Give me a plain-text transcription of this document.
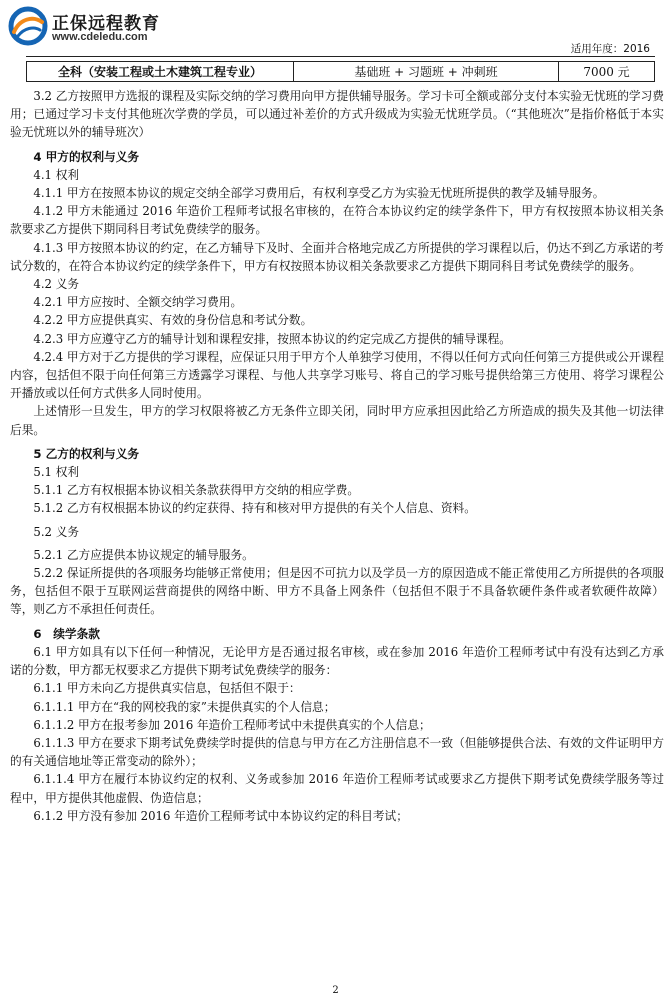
正保远程教育
www.cdeledu.com
适用年度：2016
全科（安装工程或土木建筑工程专业）	基础班 + 习题班 + 冲刺班	7000 元

3.2 乙方按照甲方选报的课程及实际交纳的学习费用向甲方提供辅导服务。学习卡可全额或部分支付本实验无忧班的学习费用；已通过学习卡支付其他班次学费的学员，可以通过补差价的方式升级成为实验无忧班学员。（“其他班次”是指价格低于本实验无忧班以外的辅导班次）

4 甲方的权利与义务

4.1 权利

4.1.1 甲方在按照本协议的规定交纳全部学习费用后，有权利享受乙方为实验无忧班所提供的教学及辅导服务。

4.1.2 甲方未能通过 2016 年造价工程师考试报名审核的，在符合本协议约定的续学条件下，甲方有权按照本协议相关条款要求乙方提供下期同科目考试免费续学的服务。

4.1.3 甲方按照本协议的约定，在乙方辅导下及时、全面并合格地完成乙方所提供的学习课程以后，仍达不到乙方承诺的考试分数的，在符合本协议约定的续学条件下，甲方有权按照本协议相关条款要求乙方提供下期同科目考试免费续学的服务。

4.2 义务

4.2.1 甲方应按时、全额交纳学习费用。

4.2.2 甲方应提供真实、有效的身份信息和考试分数。

4.2.3 甲方应遵守乙方的辅导计划和课程安排，按照本协议的约定完成乙方提供的辅导课程。

4.2.4 甲方对于乙方提供的学习课程，应保证只用于甲方个人单独学习使用，不得以任何方式向任何第三方提供或公开课程内容，包括但不限于向任何第三方透露学习课程、与他人共享学习账号、将自己的学习账号提供给第三方使用、将学习课程公开播放或以任何方式供多人同时使用。

上述情形一旦发生，甲方的学习权限将被乙方无条件立即关闭，同时甲方应承担因此给乙方所造成的损失及其他一切法律后果。

5 乙方的权利与义务

5.1 权利

5.1.1 乙方有权根据本协议相关条款获得甲方交纳的相应学费。

5.1.2 乙方有权根据本协议的约定获得、持有和核对甲方提供的有关个人信息、资料。

5.2 义务

5.2.1 乙方应提供本协议规定的辅导服务。

5.2.2 保证所提供的各项服务均能够正常使用；但是因不可抗力以及学员一方的原因造成不能正常使用乙方所提供的各项服务，包括但不限于互联网运营商提供的网络中断、甲方不具备上网条件（包括但不限于不具备软硬件条件或者软硬件故障）等，则乙方不承担任何责任。

6　续学条款

6.1 甲方如具有以下任何一种情况，无论甲方是否通过报名审核，或在参加 2016 年造价工程师考试中有没有达到乙方承诺的分数，甲方都无权要求乙方提供下期考试免费续学的服务：

6.1.1 甲方未向乙方提供真实信息，包括但不限于：

6.1.1.1 甲方在“我的网校我的家”未提供真实的个人信息；

6.1.1.2 甲方在报考参加 2016 年造价工程师考试中未提供真实的个人信息；

6.1.1.3 甲方在要求下期考试免费续学时提供的信息与甲方在乙方注册信息不一致（但能够提供合法、有效的文件证明甲方的有关通信地址等正常变动的除外）；

6.1.1.4 甲方在履行本协议约定的权利、义务或参加 2016 年造价工程师考试或要求乙方提供下期考试免费续学服务等过程中，甲方提供其他虚假、伪造信息；

6.1.2 甲方没有参加 2016 年造价工程师考试中本协议约定的科目考试；

2
